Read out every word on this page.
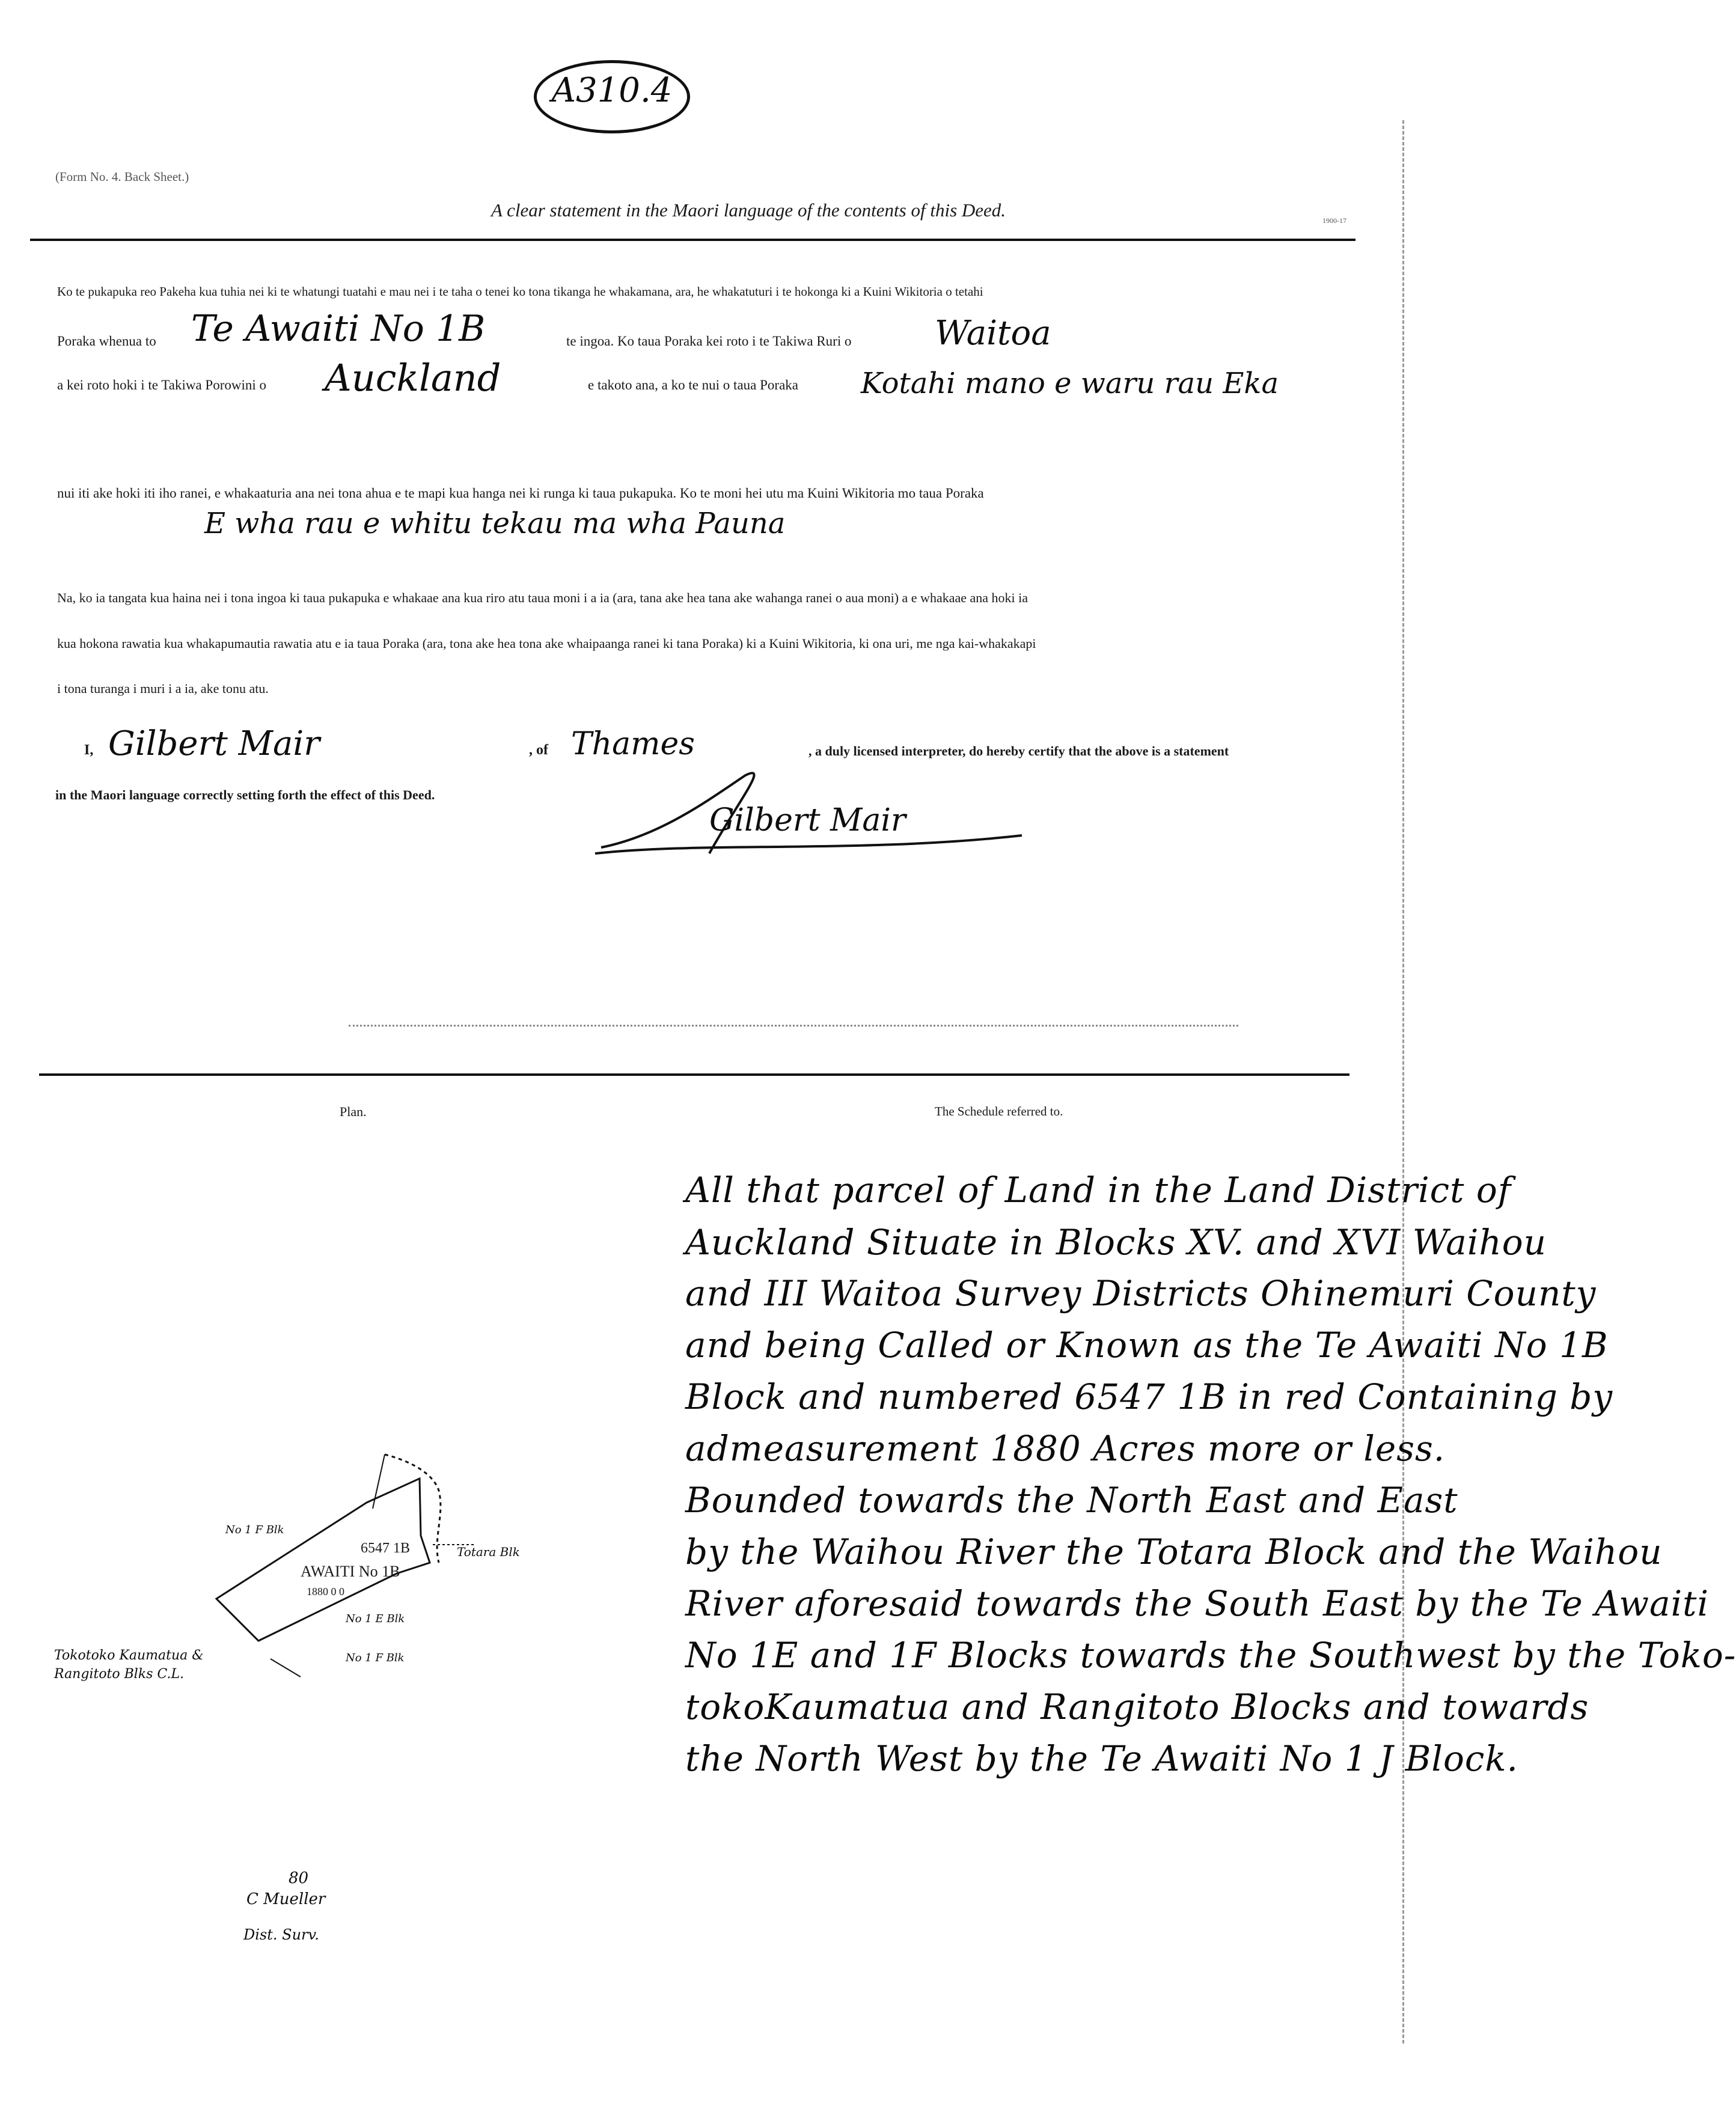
A310.4
(Form No. 4. Back Sheet.)
A clear statement in the Maori language of the contents of this Deed.	1900-17
Ko te pukapuka reo Pakeha kua tuhia nei ki te whatungi tuatahi e mau nei i te taha o tenei ko tona tikanga he whakamana, ara, he whakatuturi i te hokonga ki a Kuini Wikitoria o tetahi
Poraka whenua to Te Awaiti No 1B	te ingoa. Ko taua Poraka kei roto i te Takiwa Ruri o Waitoa
a kei roto hoki i te Takiwa Porowini o Auckland	e takoto ana, a ko te nui o taua Poraka Kotahi mano e waru rau Eka
nui iti ake hoki iti iho ranei, e whakaaturia ana nei tona ahua e te mapi kua hanga nei ki runga ki taua pukapuka. Ko te moni hei utu ma Kuini Wikitoria mo taua Poraka
E wha rau e whitu tekau ma wha Pauna
Na, ko ia tangata kua haina nei i tona ingoa ki taua pukapuka e whakaae ana kua riro atu taua moni i a ia (ara, tana ake hea tana ake wahanga ranei o aua moni) a e whakaae ana hoki ia
kua hokona rawatia kua whakapumautia rawatia atu e ia taua Poraka (ara, tona ake hea tona ake whaipaanga ranei ki tana Poraka) ki a Kuini Wikitoria, ki ona uri, me nga kai-whakakapi
i tona turanga i muri i a ia, ake tonu atu.
I, Gilbert Mair	, of Thames	, a duly licensed interpreter, do hereby certify that the above is a statement
in the Maori language correctly setting forth the effect of this Deed.
Gilbert Mair
Plan.
6547 1B
AWAITI No 1B
1880 0 0
Tokotoko Kaumatua & Rangitoto Blks C.L.
No 1 F Blk
Totara Blk
No 1 E Blk
No 1 F Blk
80
C Mueller
Dist. Surv.
The Schedule referred to.
All that parcel of Land in the Land District of
Auckland Situate in Blocks XV. and XVI Waihou
and III Waitoa Survey Districts Ohinemuri County
and being Called or Known as the Te Awaiti No 1B
Block and numbered 6547 1B in red Containing by
admeasurement 1880 Acres more or less.
Bounded towards the North East and East
by the Waihou River the Totara Block and the Waihou
River aforesaid towards the South East by the Te Awaiti
No 1E and 1F Blocks towards the Southwest by the Toko-
tokoKaumatua and Rangitoto Blocks and towards
the North West by the Te Awaiti No 1 J Block.
